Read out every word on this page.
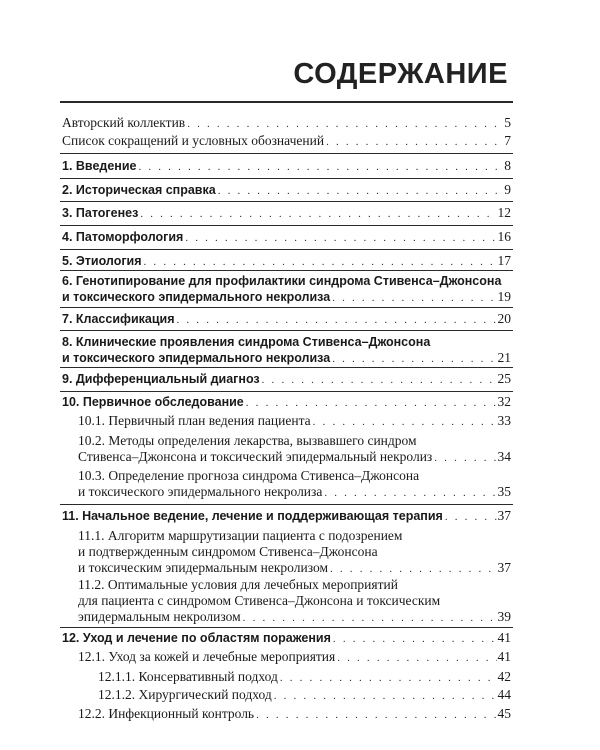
СОДЕРЖАНИЕ
Авторский коллектив . . .	5
Список сокращений и условных обозначений . . .	7
1. Введение . . .	8
2. Историческая справка . . .	9
3. Патогенез . . .	12
4. Патоморфология . . .	16
5. Этиология . . .	17
6. Генотипирование для профилактики синдрома Стивенса–Джонсона
и токсического эпидермального некролиза . . .	19
7. Классификация . . .	20
8. Клинические проявления синдрома Стивенса–Джонсона
и токсического эпидермального некролиза . . .	21
9. Дифференциальный диагноз . . .	25
10. Первичное обследование . . .	32
10.1. Первичный план ведения пациента . . .	33
10.2. Методы определения лекарства, вызвавшего синдром
Стивенса–Джонсона и токсический эпидермальный некролиз . . .	34
10.3. Определение прогноза синдрома Стивенса–Джонсона
и токсического эпидермального некролиза . . .	35
11. Начальное ведение, лечение и поддерживающая терапия . . .	37
11.1. Алгоритм маршрутизации пациента с подозрением
и подтвержденным синдромом Стивенса–Джонсона
и токсическим эпидермальным некролизом . . .	37
11.2. Оптимальные условия для лечебных мероприятий
для пациента с синдромом Стивенса–Джонсона и токсическим
эпидермальным некролизом . . .	39
12. Уход и лечение по областям поражения . . .	41
12.1. Уход за кожей и лечебные мероприятия . . .	41
12.1.1. Консервативный подход . . .	42
12.1.2. Хирургический подход . . .	44
12.2. Инфекционный контроль . . .	45
